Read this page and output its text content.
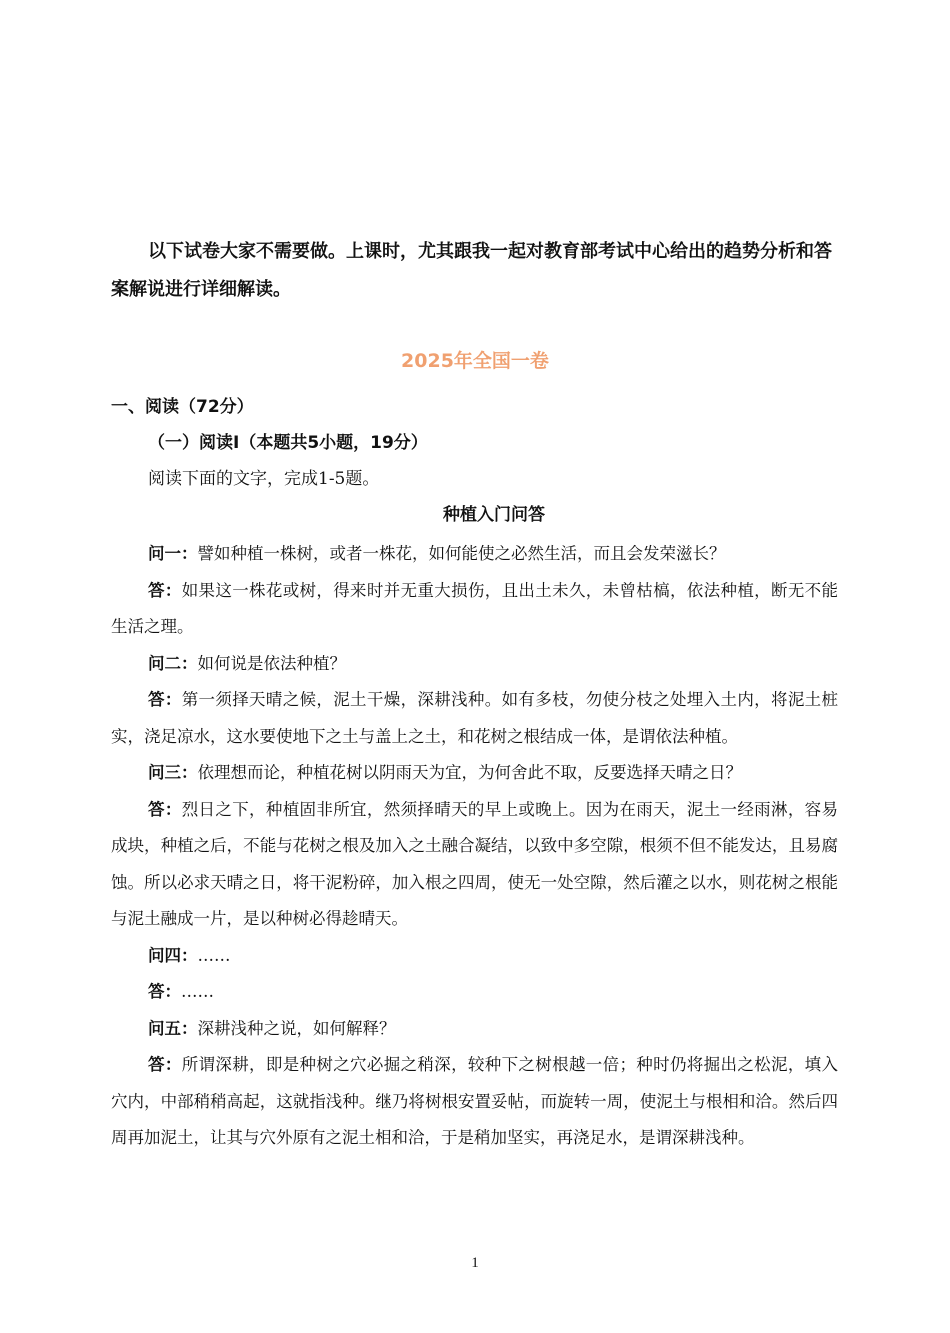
以下试卷大家不需要做。上课时，尤其跟我一起对教育部考试中心给出的趋势分析和答案解说进行详细解读。
2025年全国一卷
一、阅读（72分）
（一）阅读Ⅰ（本题共5小题，19分）
阅读下面的文字，完成1-5题。
种植入门问答

问一：譬如种植一株树，或者一株花，如何能使之必然生活，而且会发荣滋长？

答：如果这一株花或树，得来时并无重大损伤，且出土未久，未曾枯槁，依法种植，断无不能生活之理。

问二：如何说是依法种植？

答：第一须择天晴之候，泥土干燥，深耕浅种。如有多枝，勿使分枝之处埋入土内，将泥土桩实，浇足凉水，这水要使地下之土与盖上之土，和花树之根结成一体，是谓依法种植。

问三：依理想而论，种植花树以阴雨天为宜，为何舍此不取，反要选择天晴之日？

答：烈日之下，种植固非所宜，然须择晴天的早上或晚上。因为在雨天，泥土一经雨淋，容易成块，种植之后，不能与花树之根及加入之土融合凝结，以致中多空隙，根须不但不能发达，且易腐蚀。所以必求天晴之日，将干泥粉碎，加入根之四周，使无一处空隙，然后灌之以水，则花树之根能与泥土融成一片，是以种树必得趁晴天。

问四：……

答：……

问五：深耕浅种之说，如何解释？

答：所谓深耕，即是种树之穴必掘之稍深，较种下之树根越一倍；种时仍将掘出之松泥，填入穴内，中部稍稍高起，这就指浅种。继乃将树根安置妥帖，而旋转一周，使泥土与根相和洽。然后四周再加泥土，让其与穴外原有之泥土相和洽，于是稍加坚实，再浇足水，是谓深耕浅种。

1
